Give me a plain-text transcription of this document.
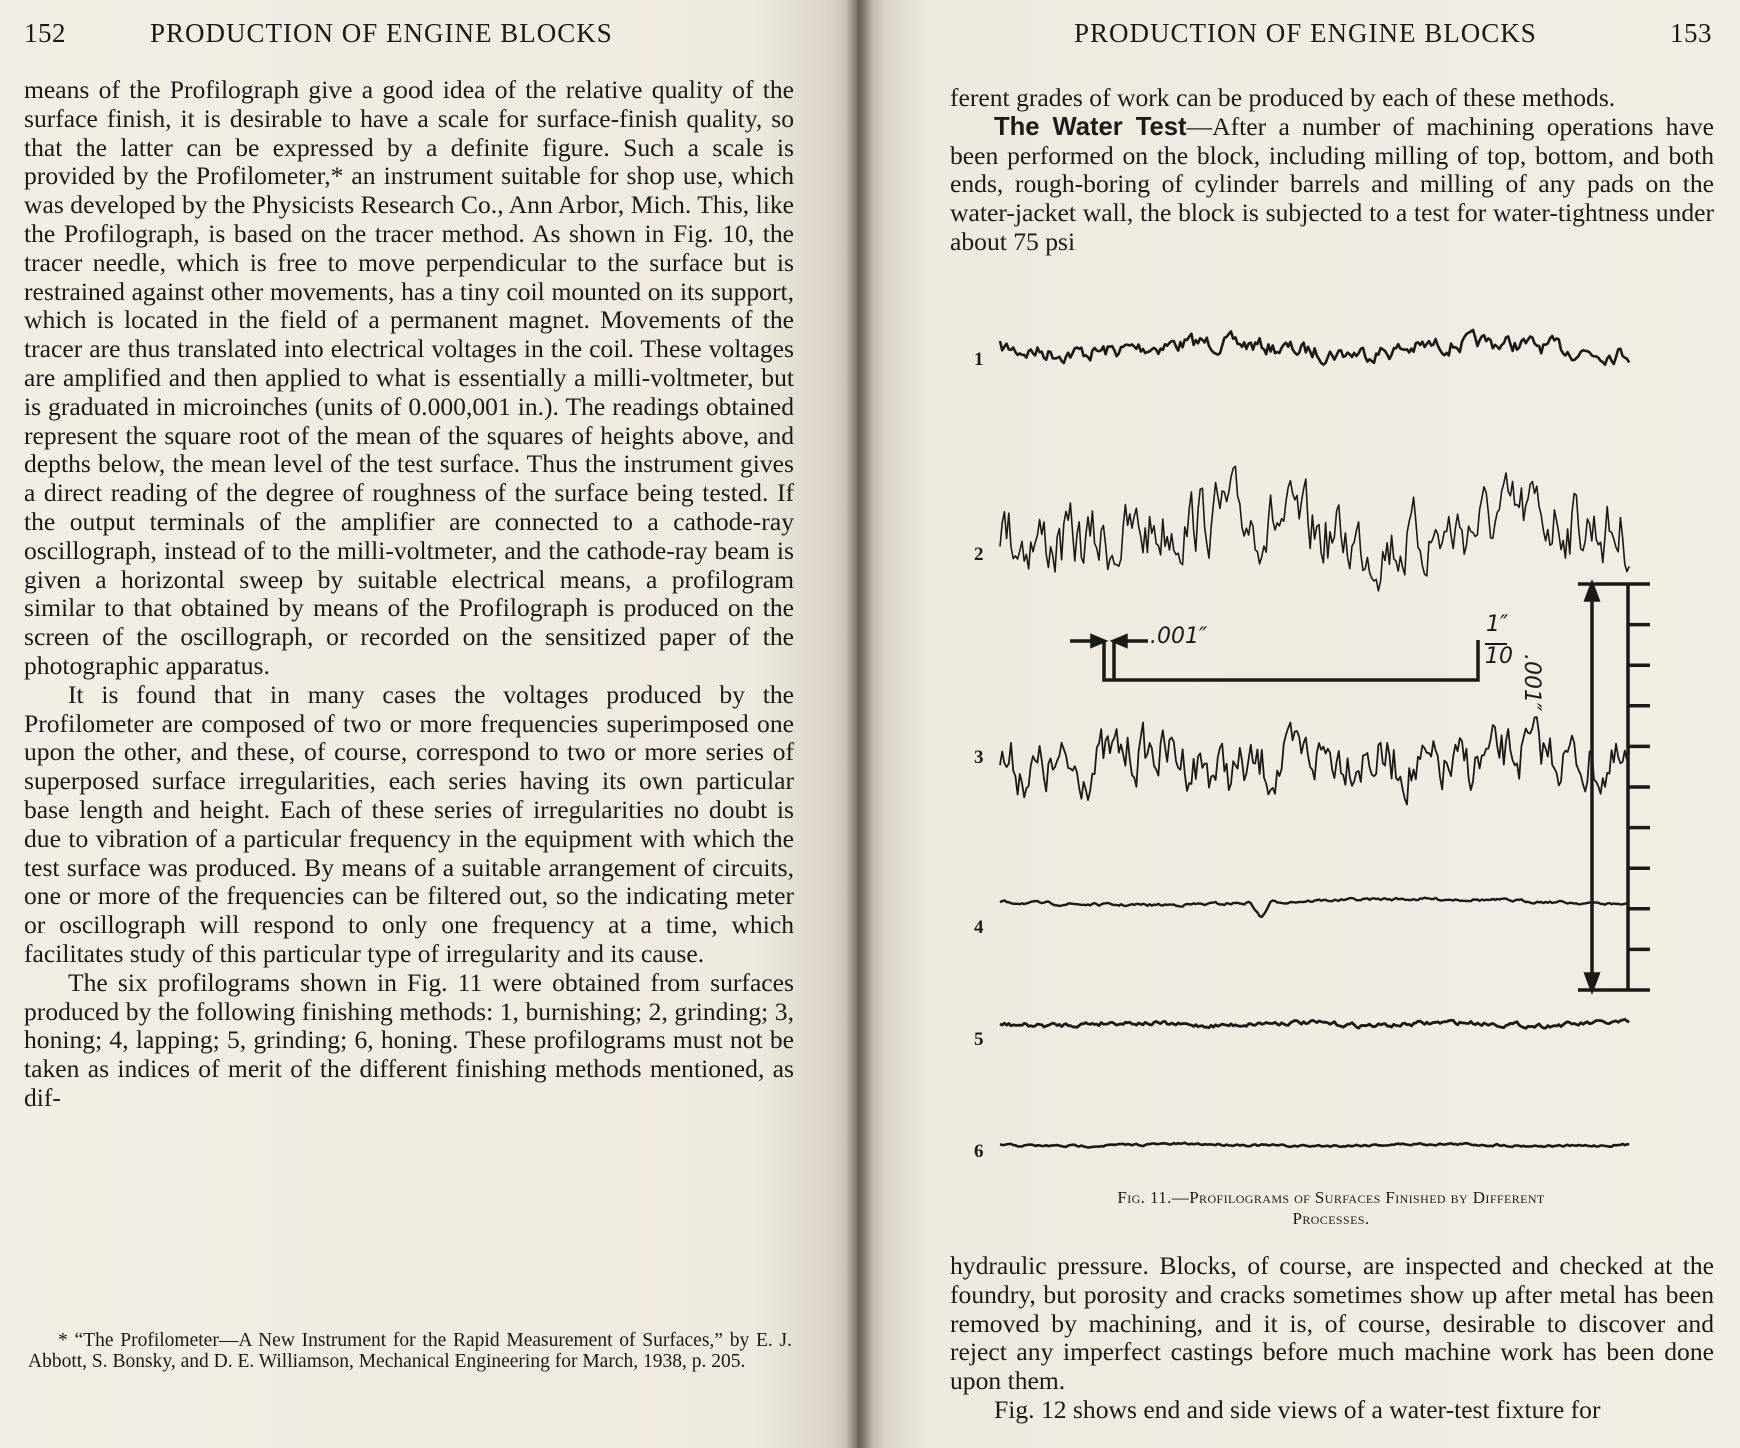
152	PRODUCTION OF ENGINE BLOCKS

means of the Profilograph give a good idea of the relative quality of the surface finish, it is desirable to have a scale for surface-finish quality, so that the latter can be expressed by a definite figure. Such a scale is provided by the Profilometer,* an instrument suitable for shop use, which was developed by the Physicists Research Co., Ann Arbor, Mich. This, like the Profilograph, is based on the tracer method. As shown in Fig. 10, the tracer needle, which is free to move perpendicular to the surface but is restrained against other movements, has a tiny coil mounted on its support, which is located in the field of a permanent magnet. Movements of the tracer are thus translated into electrical voltages in the coil. These voltages are amplified and then applied to what is essentially a milli-voltmeter, but is graduated in microinches (units of 0.000,001 in.). The readings obtained represent the square root of the mean of the squares of heights above, and depths below, the mean level of the test surface. Thus the instrument gives a direct reading of the degree of roughness of the surface being tested. If the output terminals of the amplifier are connected to a cathode-ray oscillograph, instead of to the milli-voltmeter, and the cathode-ray beam is given a horizontal sweep by suitable electrical means, a profilogram similar to that obtained by means of the Profilograph is produced on the screen of the oscillograph, or recorded on the sensitized paper of the photographic apparatus.

It is found that in many cases the voltages produced by the Profilometer are composed of two or more frequencies superimposed one upon the other, and these, of course, correspond to two or more series of superposed surface irregularities, each series having its own particular base length and height. Each of these series of irregularities no doubt is due to vibration of a particular frequency in the equipment with which the test surface was produced. By means of a suitable arrangement of circuits, one or more of the frequencies can be filtered out, so the indicating meter or oscillograph will respond to only one frequency at a time, which facilitates study of this particular type of irregularity and its cause.

The six profilograms shown in Fig. 11 were obtained from surfaces produced by the following finishing methods: 1, burnishing; 2, grinding; 3, honing; 4, lapping; 5, grinding; 6, honing. These profilograms must not be taken as indices of merit of the different finishing methods mentioned, as dif-

* “The Profilometer—A New Instrument for the Rapid Measurement of Surfaces,” by E. J. Abbott, S. Bonsky, and D. E. Williamson, Mechanical Engineering for March, 1938, p. 205.

PRODUCTION OF ENGINE BLOCKS	153

ferent grades of work can be produced by each of these methods.

The Water Test—After a number of machining operations have been performed on the block, including milling of top, bottom, and both ends, rough-boring of cylinder barrels and milling of any pads on the water-jacket wall, the block is subjected to a test for water-tightness under about 75 psi

1
2
3
4
5
6
.001″	1″
10 .001″
Fig. 11.—Profilograms of Surfaces Finished by Different
Processes.

hydraulic pressure. Blocks, of course, are inspected and checked at the foundry, but porosity and cracks sometimes show up after metal has been removed by machining, and it is, of course, desirable to discover and reject any imperfect castings before much machine work has been done upon them.

Fig. 12 shows end and side views of a water-test fixture for
